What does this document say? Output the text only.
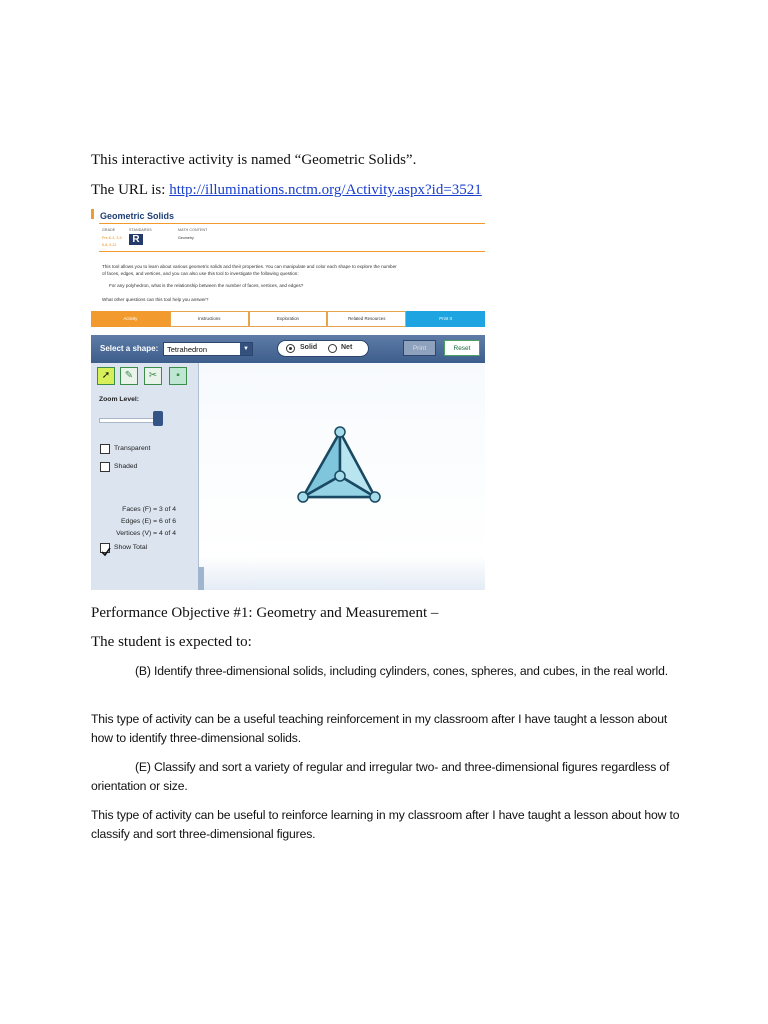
This interactive activity is named “Geometric Solids”.
The URL is: http://illuminations.nctm.org/Activity.aspx?id=3521
Geometric Solids
GRADE	STANDARDS	MATH CONTENT
Pre-K-2, 3-5
6-8, 9-12	R	Geometry
This tool allows you to learn about various geometric solids and their properties. You can manipulate and color each shape to explore the number
of faces, edges, and vertices, and you can also use this tool to investigate the following question:
For any polyhedron, what is the relationship between the number of faces, vertices, and edges?
What other questions can this tool help you answer?
Activity	Instructions	Exploration	Related Resources	Print It
Select a shape:	Tetrahedron	▼	Solid	Net	Print	Reset
➚	✎	✂	▪
Zoom Level:
Transparent
Shaded
Faces (F) = 3 of 4
Edges (E) = 6 of 6
Vertices (V) = 4 of 4
Show Total
Performance Objective #1: Geometry and Measurement –
The student is expected to:
(B) Identify three-dimensional solids, including cylinders, cones, spheres, and cubes, in the real world.
This type of activity can be a useful teaching reinforcement in my classroom after I have taught a lesson about how to identify three-dimensional solids.
(E) Classify and sort a variety of regular and irregular two- and three-dimensional figures regardless of orientation or size.
This type of activity can be useful to reinforce learning in my classroom after I have taught a lesson about how to classify and sort three-dimensional figures.
